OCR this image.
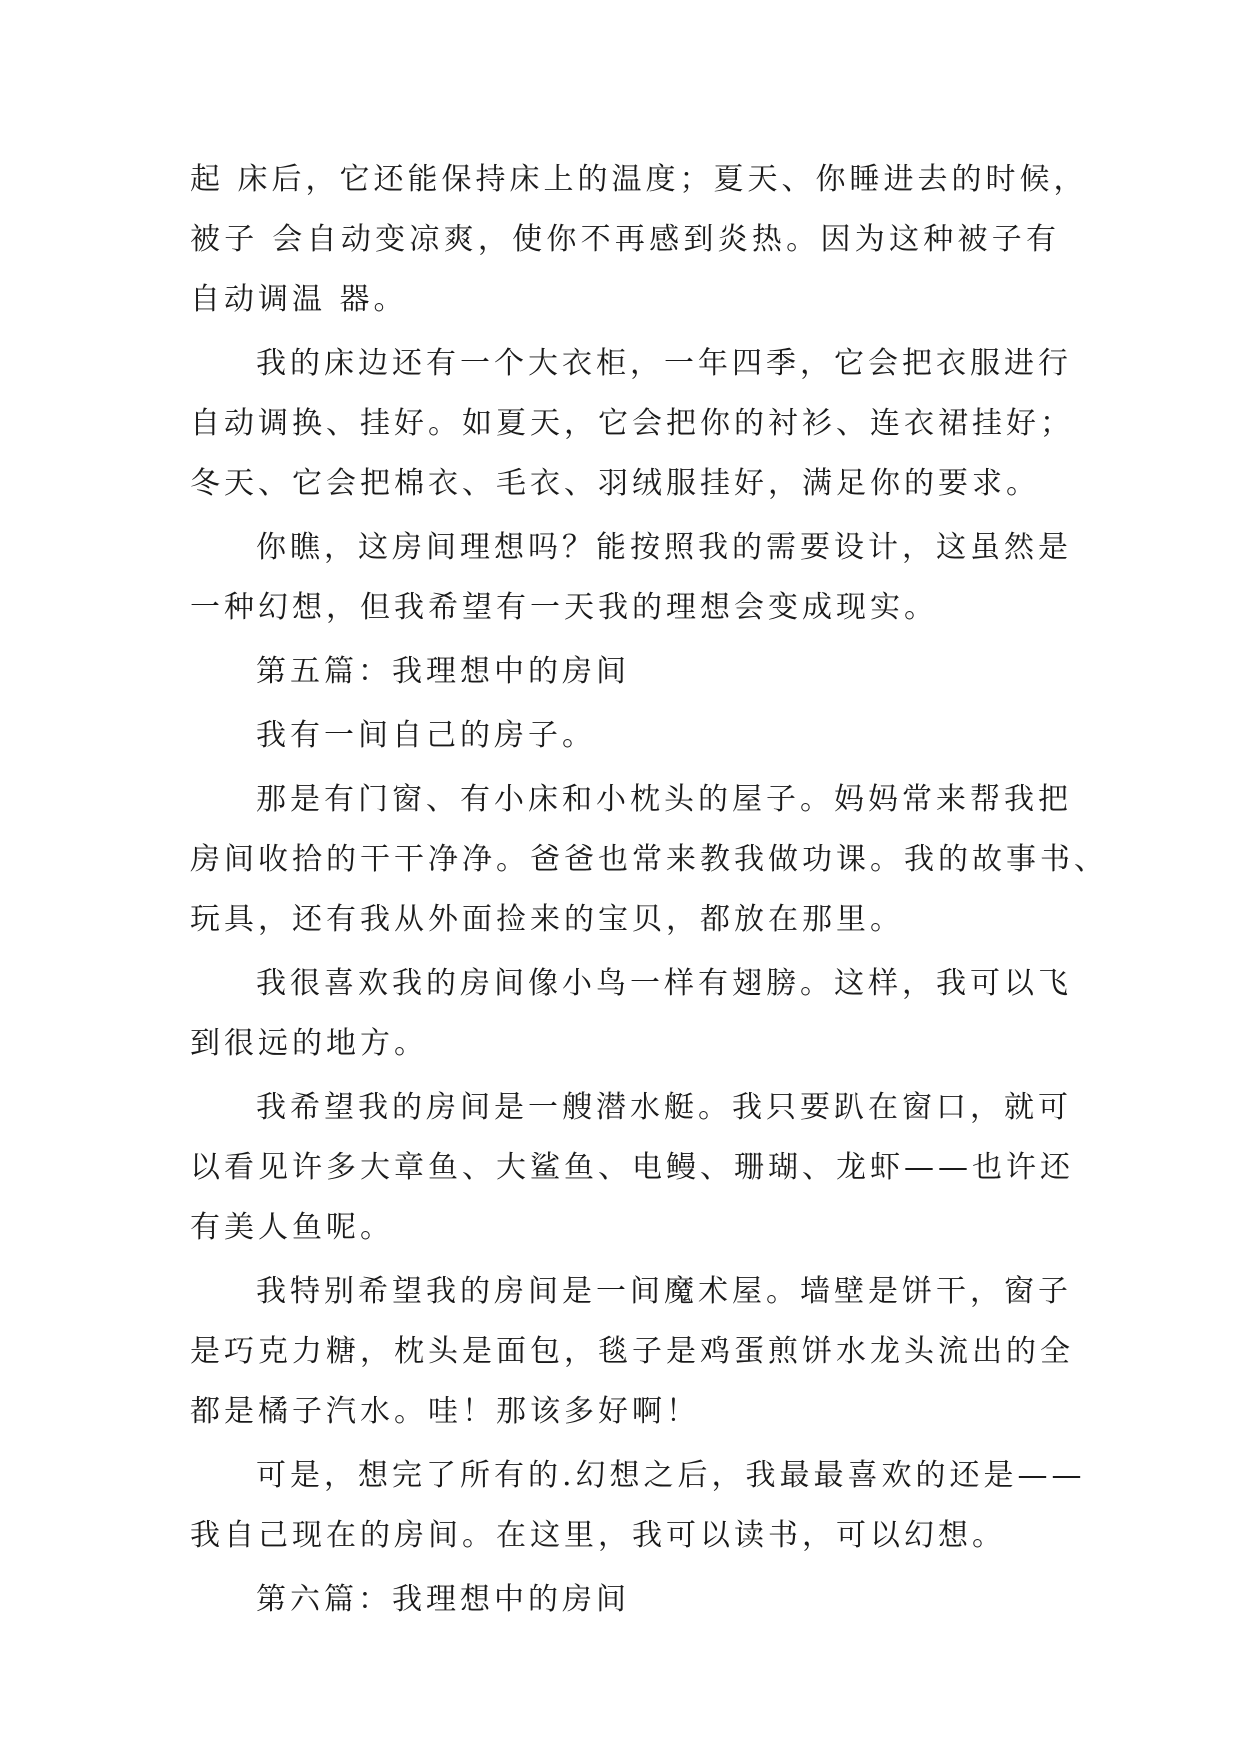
起 床后，它还能保持床上的温度；夏天、你睡进去的时候，
被子 会自动变凉爽，使你不再感到炎热。因为这种被子有
自动调温 器。
我的床边还有一个大衣柜，一年四季，它会把衣服进行
自动调换、挂好。如夏天，它会把你的衬衫、连衣裙挂好；
冬天、它会把棉衣、毛衣、羽绒服挂好，满足你的要求。
你瞧，这房间理想吗？能按照我的需要设计，这虽然是
一种幻想，但我希望有一天我的理想会变成现实。
第五篇：我理想中的房间
我有一间自己的房子。
那是有门窗、有小床和小枕头的屋子。妈妈常来帮我把
房间收拾的干干净净。爸爸也常来教我做功课。我的故事书、
玩具，还有我从外面捡来的宝贝，都放在那里。
我很喜欢我的房间像小鸟一样有翅膀。这样，我可以飞
到很远的地方。
我希望我的房间是一艘潜水艇。我只要趴在窗口，就可
以看见许多大章鱼、大鲨鱼、电鳗、珊瑚、龙虾——也许还
有美人鱼呢。
我特别希望我的房间是一间魔术屋。墙壁是饼干，窗子
是巧克力糖，枕头是面包，毯子是鸡蛋煎饼水龙头流出的全
都是橘子汽水。哇！那该多好啊！
可是，想完了所有的.幻想之后，我最最喜欢的还是——
我自己现在的房间。在这里，我可以读书，可以幻想。
第六篇：我理想中的房间
